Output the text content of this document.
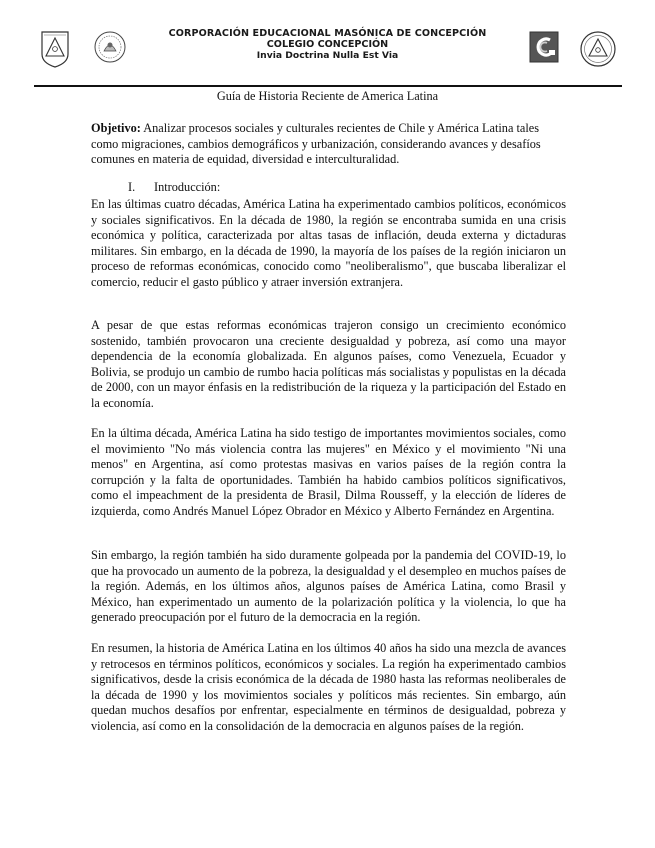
CORPORACIÓN EDUCACIONAL MASÓNICA DE CONCEPCIÓN
COLEGIO CONCEPCIÓN
Invia Doctrina Nulla Est Via
Guía de Historia Reciente de America Latina
Objetivo: Analizar procesos sociales y culturales recientes de Chile y América Latina tales como migraciones, cambios demográficos y urbanización, considerando avances y desafíos comunes en materia de equidad, diversidad e interculturalidad.
I. Introducción:

En las últimas cuatro décadas, América Latina ha experimentado cambios políticos, económicos y sociales significativos. En la década de 1980, la región se encontraba sumida en una crisis económica y política, caracterizada por altas tasas de inflación, deuda externa y dictaduras militares. Sin embargo, en la década de 1990, la mayoría de los países de la región iniciaron un proceso de reformas económicas, conocido como "neoliberalismo", que buscaba liberalizar el comercio, reducir el gasto público y atraer inversión extranjera.

A pesar de que estas reformas económicas trajeron consigo un crecimiento económico sostenido, también provocaron una creciente desigualdad y pobreza, así como una mayor dependencia de la economía globalizada. En algunos países, como Venezuela, Ecuador y Bolivia, se produjo un cambio de rumbo hacia políticas más socialistas y populistas en la década de 2000, con un mayor énfasis en la redistribución de la riqueza y la participación del Estado en la economía.

En la última década, América Latina ha sido testigo de importantes movimientos sociales, como el movimiento "No más violencia contra las mujeres" en México y el movimiento "Ni una menos" en Argentina, así como protestas masivas en varios países de la región contra la corrupción y la falta de oportunidades. También ha habido cambios políticos significativos, como el impeachment de la presidenta de Brasil, Dilma Rousseff, y la elección de líderes de izquierda, como Andrés Manuel López Obrador en México y Alberto Fernández en Argentina.

Sin embargo, la región también ha sido duramente golpeada por la pandemia del COVID-19, lo que ha provocado un aumento de la pobreza, la desigualdad y el desempleo en muchos países de la región. Además, en los últimos años, algunos países de América Latina, como Brasil y México, han experimentado un aumento de la polarización política y la violencia, lo que ha generado preocupación por el futuro de la democracia en la región.

En resumen, la historia de América Latina en los últimos 40 años ha sido una mezcla de avances y retrocesos en términos políticos, económicos y sociales. La región ha experimentado cambios significativos, desde la crisis económica de la década de 1980 hasta las reformas neoliberales de la década de 1990 y los movimientos sociales y políticos más recientes. Sin embargo, aún quedan muchos desafíos por enfrentar, especialmente en términos de desigualdad, pobreza y violencia, así como en la consolidación de la democracia en algunos países de la región.
